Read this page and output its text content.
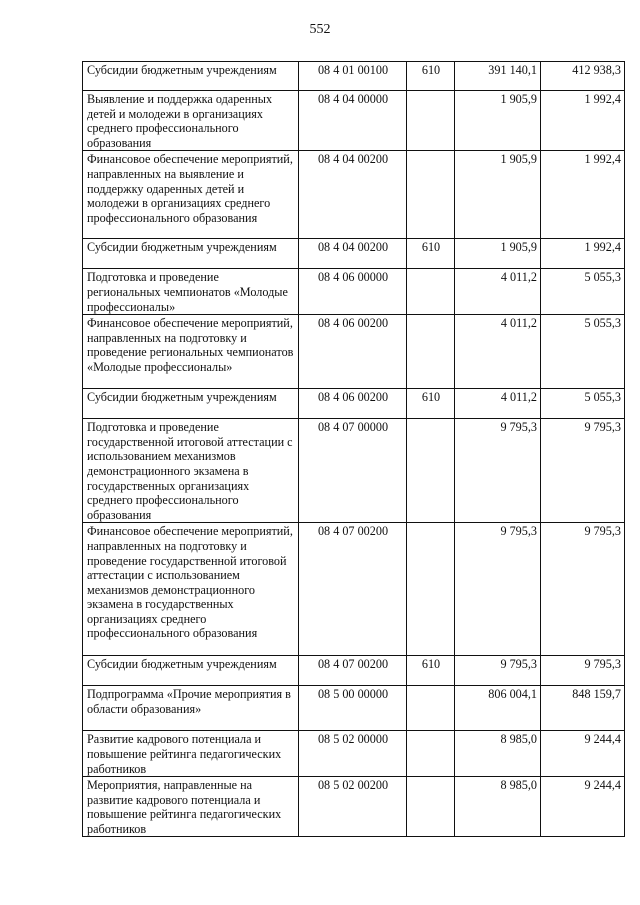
552
Субсидии бюджетным учреждениям	08 4 01 00100	610	391 140,1	412 938,3
Выявление и поддержка одаренных детей и молодежи в организациях среднего профессионального образования	08 4 04 00000		1 905,9	1 992,4
Финансовое обеспечение мероприятий, направленных на выявление и поддержку одаренных детей и молодежи в организациях среднего профессионального образования	08 4 04 00200		1 905,9	1 992,4
Субсидии бюджетным учреждениям	08 4 04 00200	610	1 905,9	1 992,4
Подготовка и проведение региональных чемпионатов «Молодые профессионалы»	08 4 06 00000		4 011,2	5 055,3
Финансовое обеспечение мероприятий, направленных на подготовку и проведение региональных чемпионатов «Молодые профессионалы»	08 4 06 00200		4 011,2	5 055,3
Субсидии бюджетным учреждениям	08 4 06 00200	610	4 011,2	5 055,3
Подготовка и проведение государственной итоговой аттестации с использованием механизмов демонстрационного экзамена в государственных организациях среднего профессионального образования	08 4 07 00000		9 795,3	9 795,3
Финансовое обеспечение мероприятий, направленных на подготовку и проведение государственной итоговой аттестации с использованием механизмов демонстрационного экзамена в государственных организациях среднего профессионального образования	08 4 07 00200		9 795,3	9 795,3
Субсидии бюджетным учреждениям	08 4 07 00200	610	9 795,3	9 795,3
Подпрограмма «Прочие мероприятия в области образования»	08 5 00 00000		806 004,1	848 159,7
Развитие кадрового потенциала и повышение рейтинга педагогических работников	08 5 02 00000		8 985,0	9 244,4
Мероприятия, направленные на развитие кадрового потенциала и повышение рейтинга педагогических работников	08 5 02 00200		8 985,0	9 244,4
